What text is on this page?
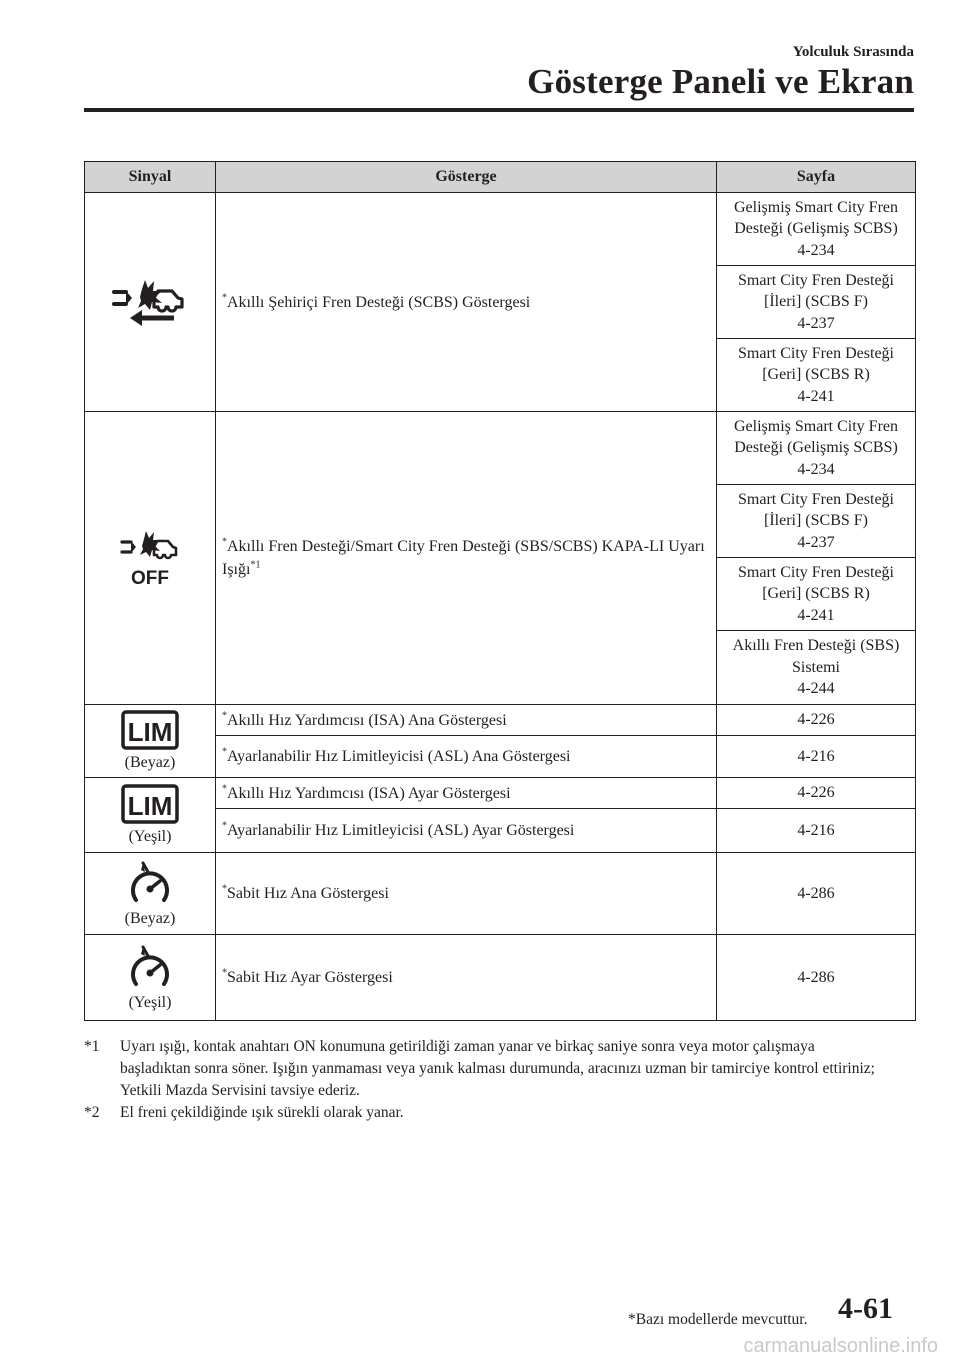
Yolculuk Sırasında
Gösterge Paneli ve Ekran
Sinyal	Gösterge	Sayfa

	*Akıllı Şehiriçi Fren Desteği (SCBS) Göstergesi	Gelişmiş Smart City Fren Desteği (Gelişmiş SCBS)
4-234

		Smart City Fren Desteği [İleri] (SCBS F)
4-237

		Smart City Fren Desteği [Geri] (SCBS R)
4-241

OFF	*Akıllı Fren Desteği/Smart City Fren Desteği (SBS/SCBS) KAPA-LI Uyarı Işığı$^{*1}$	Gelişmiş Smart City Fren Desteği (Gelişmiş SCBS)
4-234

		Smart City Fren Desteği [İleri] (SCBS F)
4-237

		Smart City Fren Desteği [Geri] (SCBS R)
4-241

		Akıllı Fren Desteği (SBS) Sistemi
4-244

LIM
(Beyaz)	*Akıllı Hız Yardımcısı (ISA) Ana Göstergesi	4-226
	*Ayarlanabilir Hız Limitleyicisi (ASL) Ana Göstergesi	4-216

LIM
(Yeşil)	*Akıllı Hız Yardımcısı (ISA) Ayar Göstergesi	4-226
	*Ayarlanabilir Hız Limitleyicisi (ASL) Ayar Göstergesi	4-216

(Beyaz)	*Sabit Hız Ana Göstergesi	4-286

(Yeşil)	*Sabit Hız Ayar Göstergesi	4-286
*1 Uyarı ışığı, kontak anahtarı ON konumuna getirildiği zaman yanar ve birkaç saniye sonra veya motor çalışmaya başladıktan sonra söner. Işığın yanmaması veya yanık kalması durumunda, aracınızı uzman bir tamirciye kontrol ettiriniz; Yetkili Mazda Servisini tavsiye ederiz.
*2 El freni çekildiğinde ışık sürekli olarak yanar.
*Bazı modellerde mevcuttur. 4-61
carmanualsonline.info
